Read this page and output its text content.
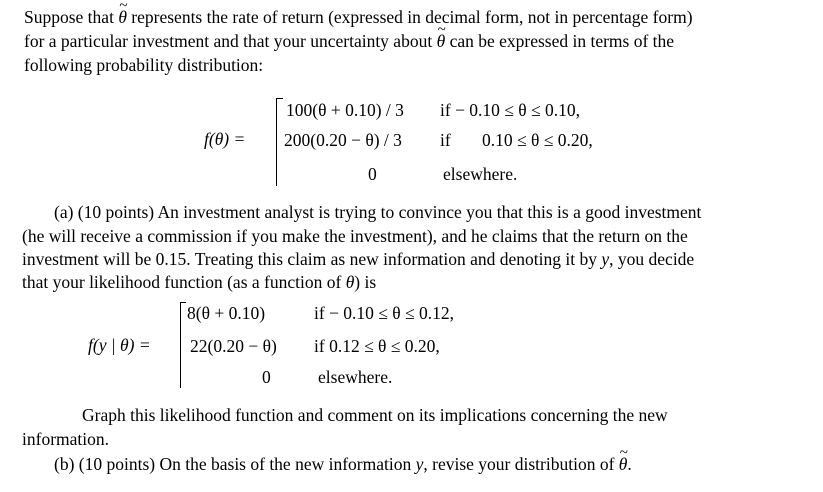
Suppose that ~ θ represents the rate of return (expressed in decimal form, not in percentage form)
for a particular investment and that your uncertainty about ~ θ can be expressed in terms of the
following probability distribution:
f(θ) =
100(θ + 0.10) / 3 if − 0.10 ≤ θ ≤ 0.10,
200(0.20 − θ) / 3 if 0.10 ≤ θ ≤ 0.20,
0	elsewhere.
(a) (10 points) An investment analyst is trying to convince you that this is a good investment
(he will receive a commission if you make the investment), and he claims that the return on the
investment will be 0.15. Treating this claim as new information and denoting it by y, you decide
that your likelihood function (as a function of θ) is
f(y | θ) =
8(θ + 0.10)	if − 0.10 ≤ θ ≤ 0.12,
22(0.20 − θ) if 0.12 ≤ θ ≤ 0.20,
0	elsewhere.
Graph this likelihood function and comment on its implications concerning the new
information.
(b) (10 points) On the basis of the new information y, revise your distribution of ~ θ.
